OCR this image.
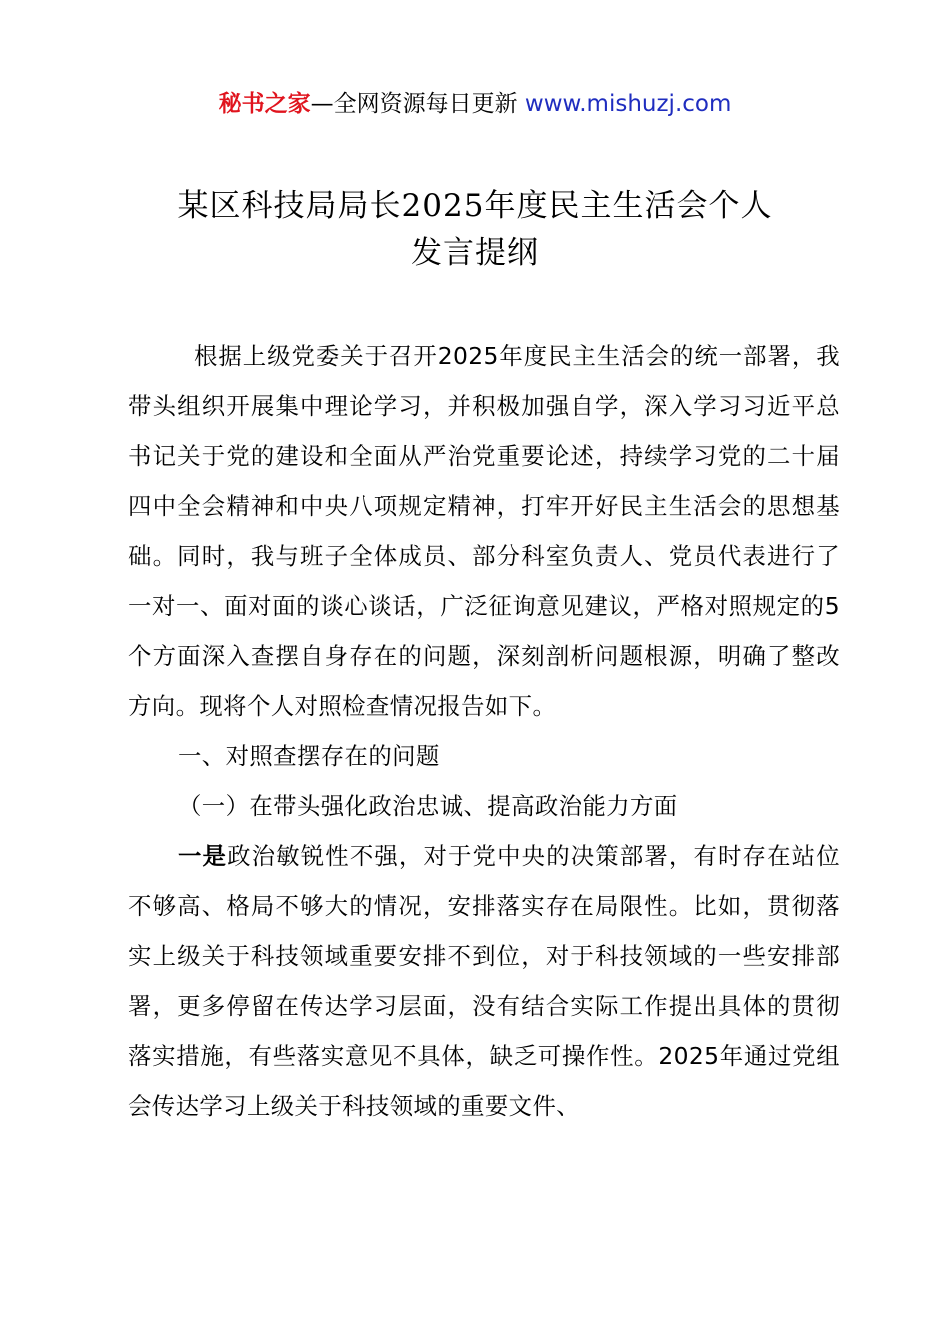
秘书之家—全网资源每日更新 www.mishuzj.com
某区科技局局长2025年度民主生活会个人
发言提纲

根据上级党委关于召开2025年度民主生活会的统一部署，我带头组织开展集中理论学习，并积极加强自学，深入学习习近平总书记关于党的建设和全面从严治党重要论述，持续学习党的二十届四中全会精神和中央八项规定精神，打牢开好民主生活会的思想基础。同时，我与班子全体成员、部分科室负责人、党员代表进行了一对一、面对面的谈心谈话，广泛征询意见建议，严格对照规定的5个方面深入查摆自身存在的问题，深刻剖析问题根源，明确了整改方向。现将个人对照检查情况报告如下。

一、对照查摆存在的问题

（一）在带头强化政治忠诚、提高政治能力方面

一是政治敏锐性不强，对于党中央的决策部署，有时存在站位不够高、格局不够大的情况，安排落实存在局限性。比如，贯彻落实上级关于科技领域重要安排不到位，对于科技领域的一些安排部署，更多停留在传达学习层面，没有结合实际工作提出具体的贯彻落实措施，有些落实意见不具体，缺乏可操作性。2025年通过党组会传达学习上级关于科技领域的重要文件、
